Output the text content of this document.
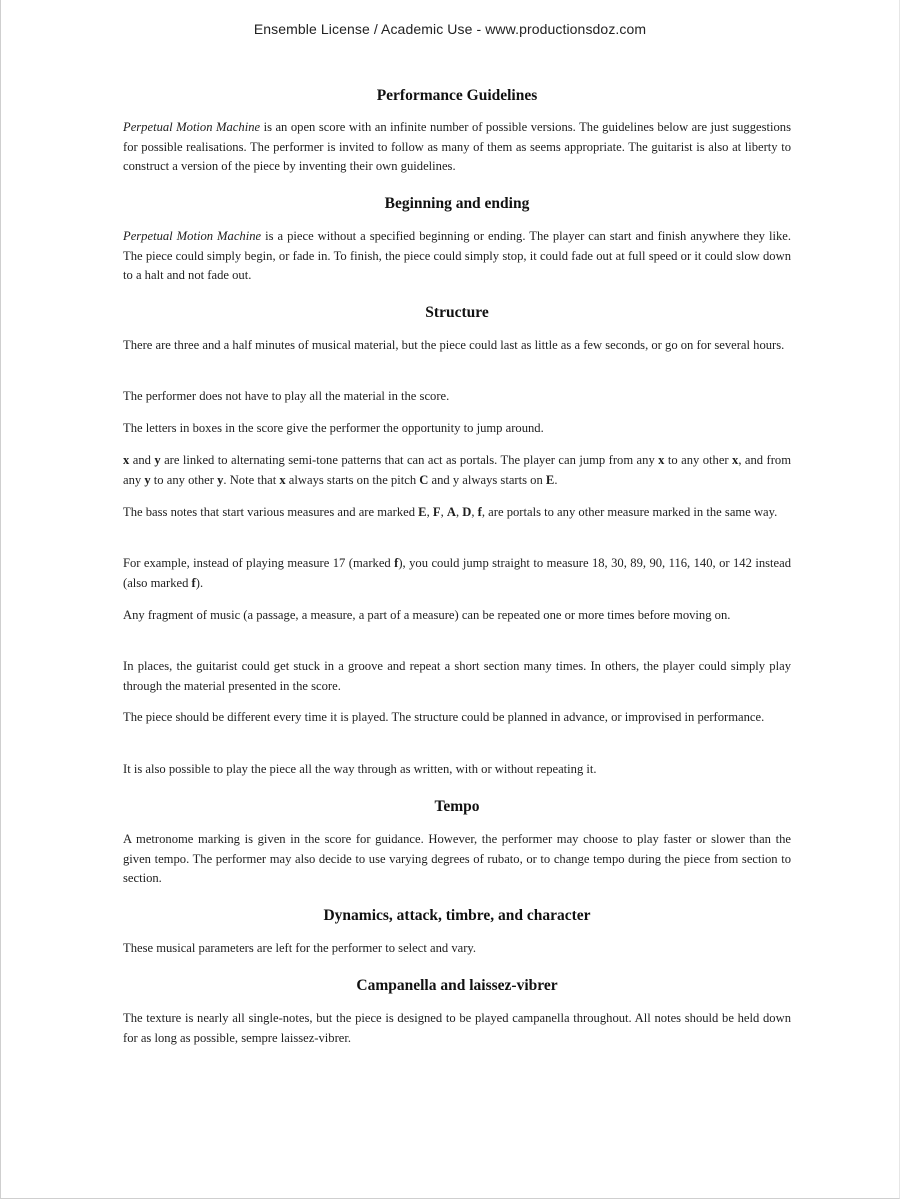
Ensemble License / Academic Use - www.productionsdoz.com
Performance Guidelines

Perpetual Motion Machine is an open score with an infinite number of possible versions. The guidelines below are just suggestions for possible realisations. The performer is invited to follow as many of them as seems appropriate. The guitarist is also at liberty to construct a version of the piece by inventing their own guidelines.

Beginning and ending

Perpetual Motion Machine is a piece without a specified beginning or ending. The player can start and finish anywhere they like. The piece could simply begin, or fade in. To finish, the piece could simply stop, it could fade out at full speed or it could slow down to a halt and not fade out.

Structure

There are three and a half minutes of musical material, but the piece could last as little as a few seconds, or go on for several hours.

The performer does not have to play all the material in the score.

The letters in boxes in the score give the performer the opportunity to jump around.

x and y are linked to alternating semi-tone patterns that can act as portals. The player can jump from any x to any other x, and from any y to any other y. Note that x always starts on the pitch C and y always starts on E.

The bass notes that start various measures and are marked E, F, A, D, f, are portals to any other measure marked in the same way.

For example, instead of playing measure 17 (marked f), you could jump straight to measure 18, 30, 89, 90, 116, 140, or 142 instead (also marked f).

Any fragment of music (a passage, a measure, a part of a measure) can be repeated one or more times before moving on.

In places, the guitarist could get stuck in a groove and repeat a short section many times. In others, the player could simply play through the material presented in the score.

The piece should be different every time it is played. The structure could be planned in advance, or improvised in performance.

It is also possible to play the piece all the way through as written, with or without repeating it.

Tempo

A metronome marking is given in the score for guidance. However, the performer may choose to play faster or slower than the given tempo. The performer may also decide to use varying degrees of rubato, or to change tempo during the piece from section to section.

Dynamics, attack, timbre, and character

These musical parameters are left for the performer to select and vary.

Campanella and laissez-vibrer

The texture is nearly all single-notes, but the piece is designed to be played campanella throughout. All notes should be held down for as long as possible, sempre laissez-vibrer.
